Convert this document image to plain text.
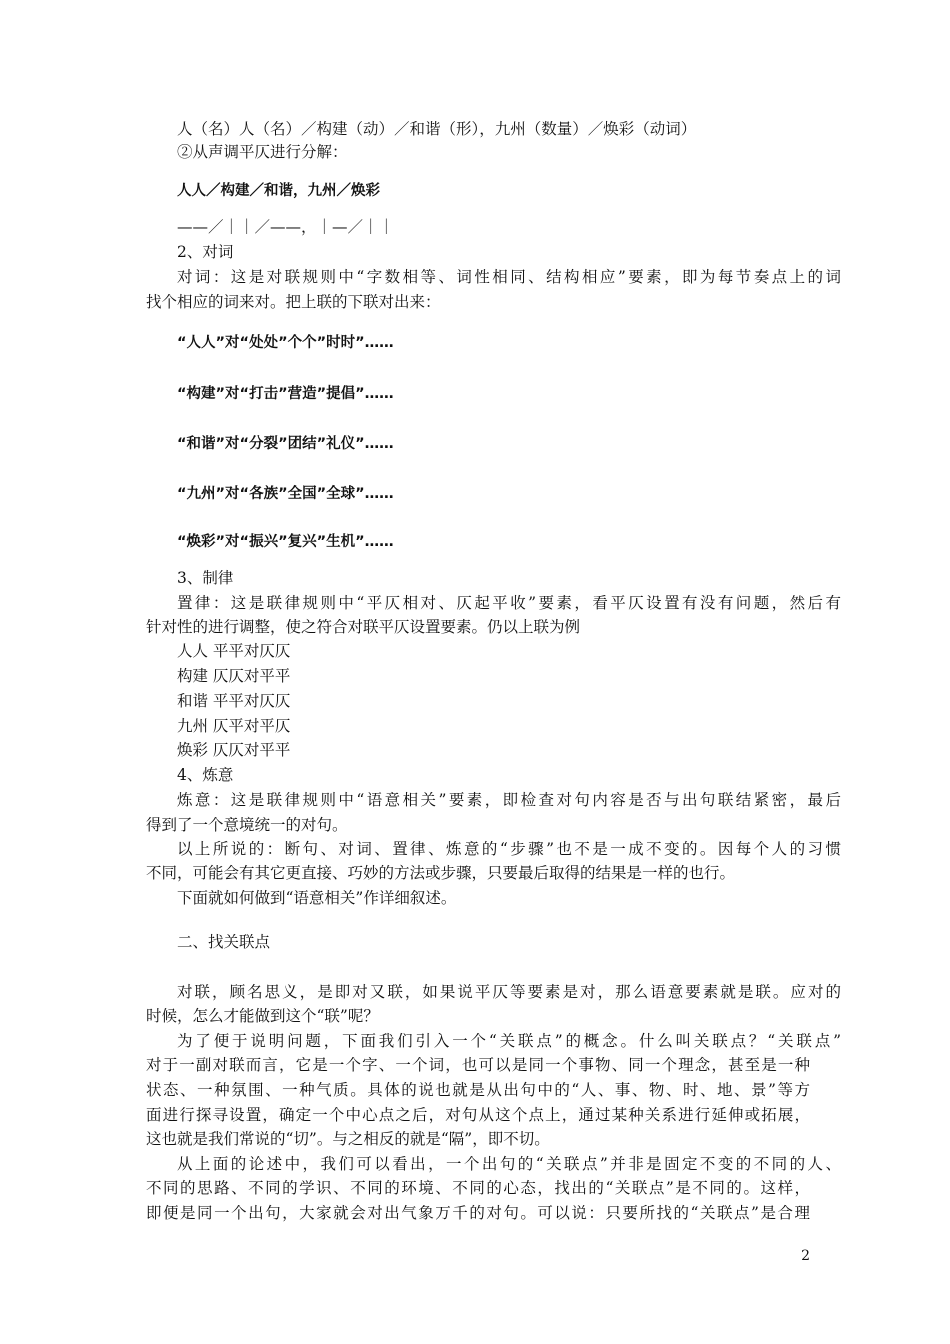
人（名）人（名）／构建（动）／和谐（形），九州（数量）／焕彩（动词）
②从声调平仄进行分解：
人人／构建／和谐，九州／焕彩
——／｜｜／——，｜—／｜｜
2、对词
对词：这是对联规则中“字数相等、词性相同、结构相应”要素，即为每节奏点上的词
找个相应的词来对。把上联的下联对出来：
“人人”对“处处”个个”时时”……
“构建”对“打击”营造”提倡”……
“和谐”对“分裂”团结”礼仪”……
“九州”对“各族”全国”全球”……
“焕彩”对“振兴”复兴”生机”……
3、制律
置律：这是联律规则中“平仄相对、仄起平收”要素，看平仄设置有没有问题，然后有
针对性的进行调整，使之符合对联平仄设置要素。仍以上联为例
人人 平平对仄仄
构建 仄仄对平平
和谐 平平对仄仄
九州 仄平对平仄
焕彩 仄仄对平平
4、炼意
炼意：这是联律规则中“语意相关”要素，即检查对句内容是否与出句联结紧密，最后
得到了一个意境统一的对句。
以上所说的：断句、对词、置律、炼意的“步骤”也不是一成不变的。因每个人的习惯
不同，可能会有其它更直接、巧妙的方法或步骤，只要最后取得的结果是一样的也行。
下面就如何做到“语意相关”作详细叙述。
二、找关联点
对联，顾名思义，是即对又联，如果说平仄等要素是对，那么语意要素就是联。应对的
时候，怎么才能做到这个“联”呢？
为了便于说明问题，下面我们引入一个“关联点”的概念。什么叫关联点？“关联点”
对于一副对联而言，它是一个字、一个词，也可以是同一个事物、同一个理念，甚至是一种
状态、一种氛围、一种气质。具体的说也就是从出句中的“人、事、物、时、地、景”等方
面进行探寻设置，确定一个中心点之后，对句从这个点上，通过某种关系进行延伸或拓展，
这也就是我们常说的“切”。与之相反的就是“隔”，即不切。
从上面的论述中，我们可以看出，一个出句的“关联点”并非是固定不变的不同的人、
不同的思路、不同的学识、不同的环境、不同的心态，找出的“关联点”是不同的。这样，
即便是同一个出句，大家就会对出气象万千的对句。可以说：只要所找的“关联点”是合理
2
